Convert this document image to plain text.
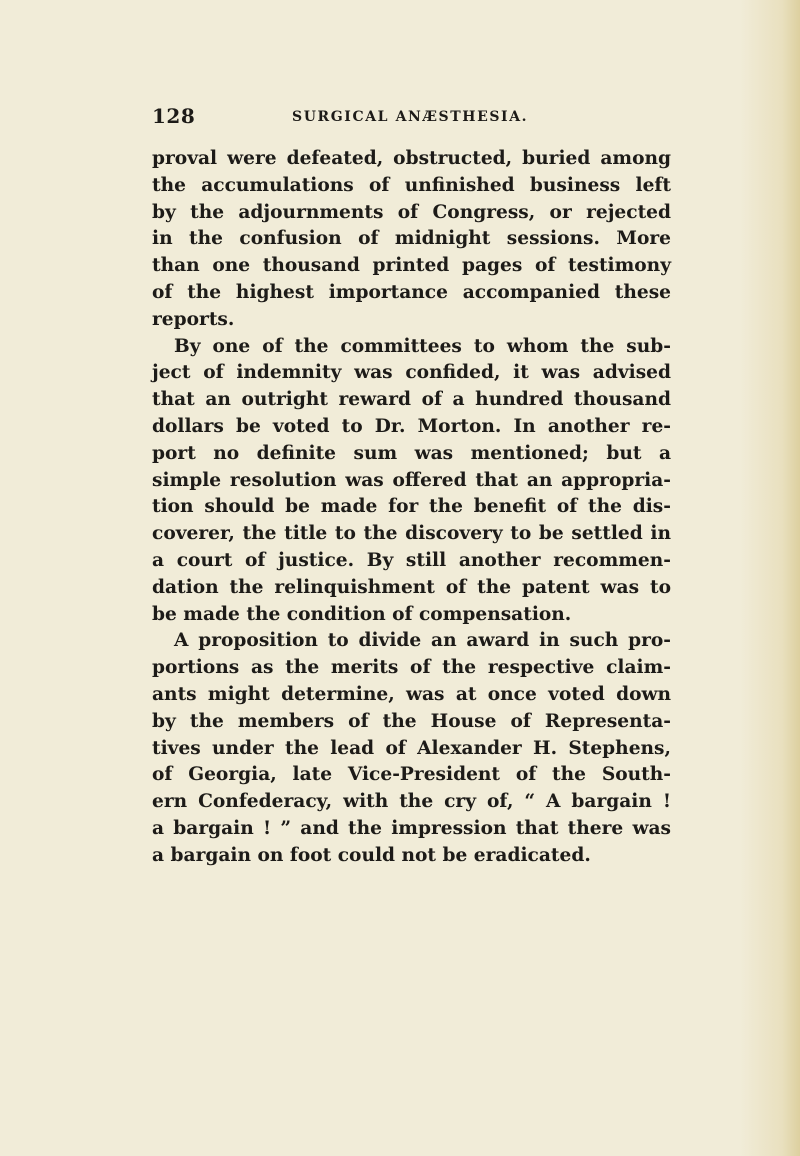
128	SURGICAL ANÆSTHESIA.
proval were defeated, obstructed, buried among
the accumulations of unfinished business left
by the adjournments of Congress, or rejected
in the confusion of midnight sessions. More
than one thousand printed pages of testimony
of the highest importance accompanied these
reports.
By one of the committees to whom the sub-
ject of indemnity was confided, it was advised
that an outright reward of a hundred thousand
dollars be voted to Dr. Morton. In another re-
port no definite sum was mentioned; but a
simple resolution was offered that an appropria-
tion should be made for the benefit of the dis-
coverer, the title to the discovery to be settled in
a court of justice. By still another recommen-
dation the relinquishment of the patent was to
be made the condition of compensation.
A proposition to divide an award in such pro-
portions as the merits of the respective claim-
ants might determine, was at once voted down
by the members of the House of Representa-
tives under the lead of Alexander H. Stephens,
of Georgia, late Vice-President of the South-
ern Confederacy, with the cry of, “ A bargain !
a bargain ! ” and the impression that there was
a bargain on foot could not be eradicated.
